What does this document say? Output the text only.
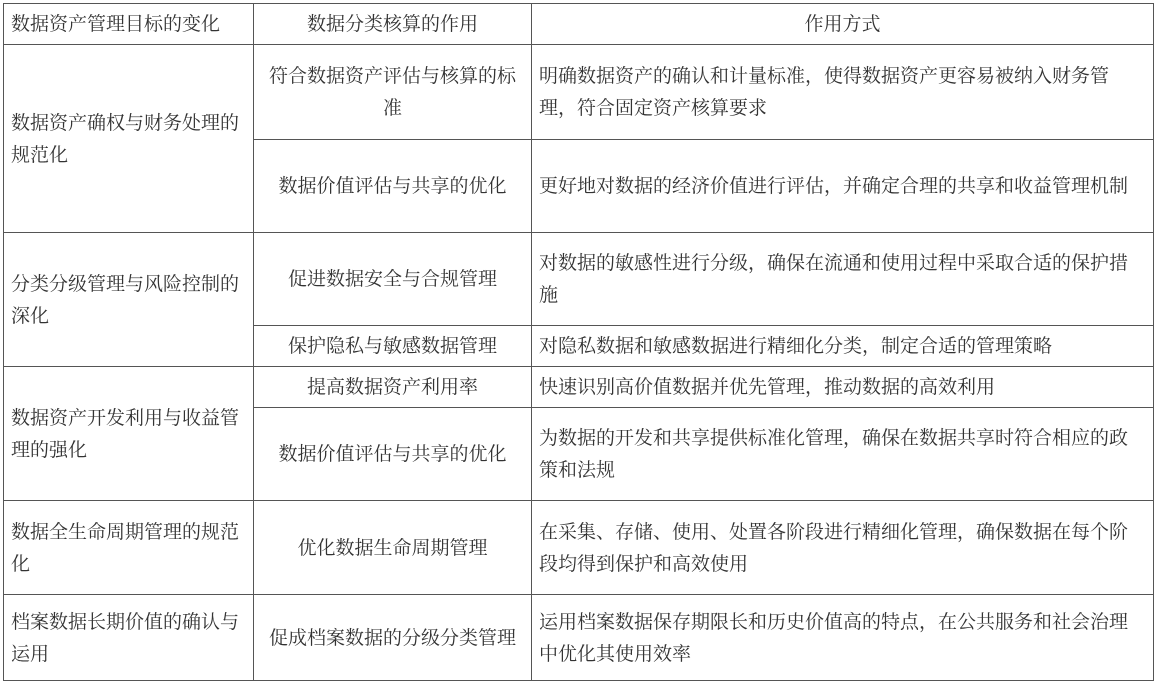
数据资产管理目标的变化	数据分类核算的作用	作用方式
数据资产确权与财务处理的规范化	符合数据资产评估与核算的标准	明确数据资产的确认和计量标准，使得数据资产更容易被纳入财务管理，符合固定资产核算要求
	数据价值评估与共享的优化	更好地对数据的经济价值进行评估，并确定合理的共享和收益管理机制
分类分级管理与风险控制的深化	促进数据安全与合规管理	对数据的敏感性进行分级，确保在流通和使用过程中采取合适的保护措施
	保护隐私与敏感数据管理	对隐私数据和敏感数据进行精细化分类，制定合适的管理策略
数据资产开发利用与收益管理的强化	提高数据资产利用率	快速识别高价值数据并优先管理，推动数据的高效利用
	数据价值评估与共享的优化	为数据的开发和共享提供标准化管理，确保在数据共享时符合相应的政策和法规
数据全生命周期管理的规范化	优化数据生命周期管理	在采集、存储、使用、处置各阶段进行精细化管理，确保数据在每个阶段均得到保护和高效使用
档案数据长期价值的确认与运用	促成档案数据的分级分类管理	运用档案数据保存期限长和历史价值高的特点，在公共服务和社会治理中优化其使用效率
